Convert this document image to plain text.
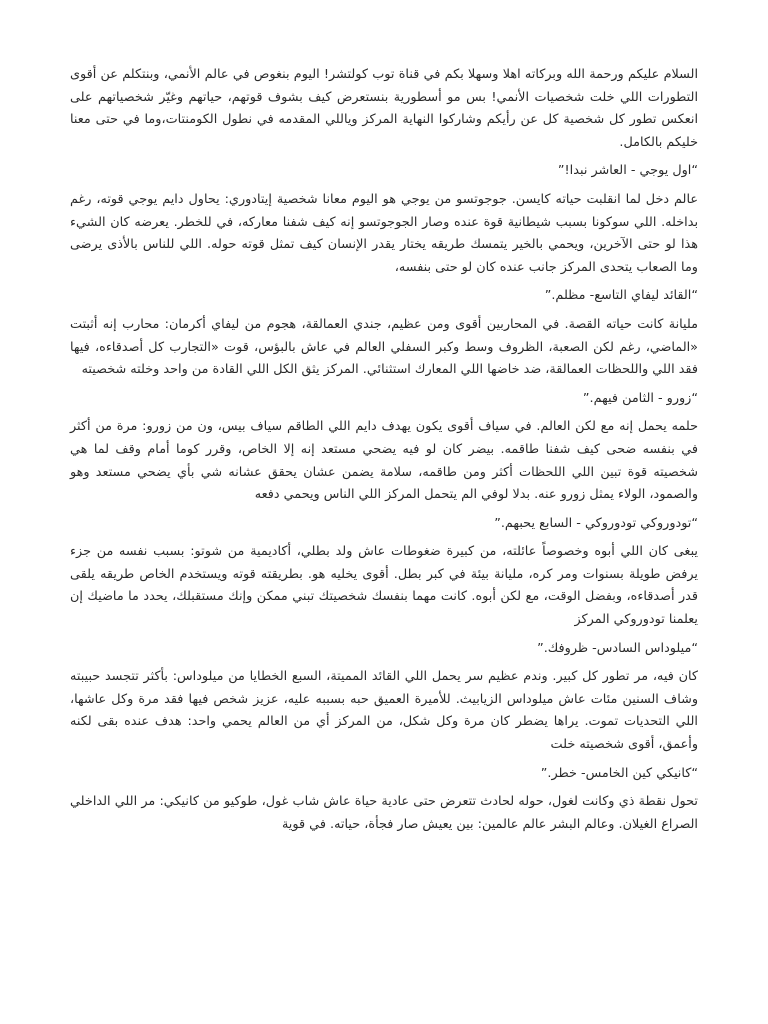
السلام عليكم ورحمة الله وبركاته اهلا وسهلا بكم في قناة توب كولتشر! اليوم بنغوص في عالم الأنمي، وبنتكلم عن أقوى التطورات اللي خلت شخصيات الأنمي! بس مو أسطورية بنستعرض كيف بشوف قوتهم، حياتهم وغيّر شخصياتهم على انعكس تطور كل شخصية كل عن رأيكم وشاركوا النهاية المركز وياللي المقدمه في نطول الكومنتات،وما في حتى معنا خليكم بالكامل.

“اول يوجي - العاشر نبدا!”

عالم دخل لما انقلبت حياته كايسن. جوجوتسو من يوجي هو اليوم معانا شخصية إيتادوري: يحاول دايم يوجي قوته، رغم بداخله. اللي سوكونا بسبب شيطانية قوة عنده وصار الجوجوتسو إنه كيف شفنا معاركه، في للخطر. يعرضه كان الشيء هذا لو حتى الآخرين، ويحمي بالخير يتمسك طريقه يختار يقدر الإنسان كيف تمثل قوته حوله. اللي للناس بالأذى يرضى وما الصعاب يتحدى المركز جانب عنده كان لو حتى بنفسه،

“القائد ليفاي التاسع- مظلم.”

مليانة كانت حياته القصة. في المحاربين أقوى ومن عظيم، جندي العمالقة، هجوم من ليفاي أكرمان: محارب إنه أثبتت «الماضي، رغم لكن الصعبة، الظروف وسط وكبر السفلي العالم في عاش بالبؤس، قوت «التجارب كل أصدقاءه، فيها فقد اللي واللحظات العمالقة، ضد خاضها اللي المعارك استثنائي. المركز يثق الكل اللي القادة من واحد وخلته شخصيته

“زورو - الثامن فيهم.”

حلمه يحمل إنه مع لكن العالم. في سياف أقوى يكون يهدف دايم اللي الطاقم سياف بيس، ون من زورو: مرة من أكثر في بنفسه ضحى كيف شفنا طاقمه. بيضر كان لو فيه يضحي مستعد إنه إلا الخاص، وقرر كوما أمام وقف لما هي شخصيته قوة تبين اللي اللحظات أكثر ومن طاقمه، سلامة يضمن عشان يحقق عشانه شي بأي يضحي مستعد وهو والصمود، الولاء يمثل زورو عنه. بدلا لوفي الم يتحمل المركز اللي الناس ويحمي دفعه

“تودوروكي تودوروكي - السابع يحبهم.”

يبغى كان اللي أبوه وخصوصاً عائلته، من كبيرة ضغوطات عاش ولد بطلي، أكاديمية من شوتو: بسبب نفسه من جزء يرفض طويلة بسنوات ومر كره، مليانة بيئة في كبر بطل. أقوى يخليه هو. بطريقته قوته ويستخدم الخاص طريقه يلقى قدر أصدقاءه، وبفضل الوقت، مع لكن أبوه. كانت مهما بنفسك شخصيتك تبني ممكن وإنك مستقبلك، يحدد ما ماضيك إن يعلمنا تودوروكي المركز

“ميلوداس السادس- ظروفك.”

كان فيه، مر تطور كل كبير. وندم عظيم سر يحمل اللي القائد المميتة، السبع الخطايا من ميلوداس: بأكثر تتجسد حبيبته وشاف السنين مئات عاش ميلوداس الزيابيث. للأميرة العميق حبه بسببه عليه، عزيز شخص فيها فقد مرة وكل عاشها، اللي التحديات تموت. يراها يضطر كان مرة وكل شكل، من المركز أي من العالم يحمي واحد: هدف عنده بقى لكنه وأعمق، أقوى شخصيته خلت

“كانيكي كين الخامس- خطر.”

تحول نقطة ذي وكانت لغول، حوله لحادث تتعرض حتى عادية حياة عاش شاب غول، طوكيو من كانيكي: مر اللي الداخلي الصراع الغيلان. وعالم البشر عالم عالمين: بين يعيش صار فجأة، حياته. في قوية
